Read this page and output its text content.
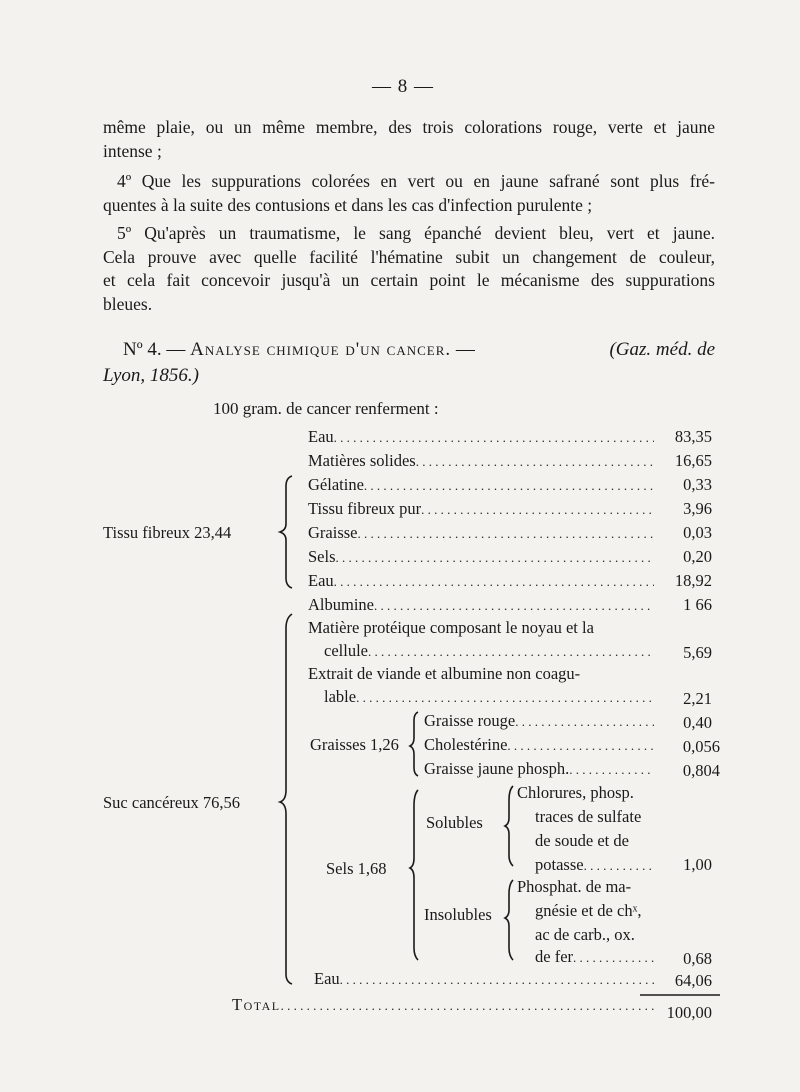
— 8 —
même plaie, ou un même membre, des trois colorations rouge, verte et jaune
intense ;
4º Que les suppurations colorées en vert ou en jaune safrané sont plus fré-
quentes à la suite des contusions et dans les cas d'infection purulente ;
5º Qu'après un traumatisme, le sang épanché devient bleu, vert et jaune.
Cela prouve avec quelle facilité l'hématine subit un changement de couleur,
et cela fait concevoir jusqu'à un certain point le mécanisme des suppurations
bleues.
Nº 4. — Analyse chimique d'un cancer. —	(Gaz. méd. de
Lyon, 1856.)
100 gram. de cancer renferment :
Eau . . .	83,35
Matières solides . . .	16,65
Tissu fibreux 23,44
Gélatine . . .	0,33
Tissu fibreux pur . . .	3,96
Graisse . . .	0,03
Sels . . .	0,20
Eau . . .	18,92
Suc cancéreux 76,56
Albumine . . .	1 66
Matière protéique composant le noyau et la
cellule . . .	5,69
Extrait de viande et albumine non coagu-
lable . . .	2,21
Graisses 1,26
Graisse rouge . . .	0,40
Cholestérine . . .	0,056
Graisse jaune phosph. . . .	0,804
Sels 1,68
Solubles
Chlorures, phosp.
traces de sulfate
de soude et de
potasse . . .	1,00
Insolubles
Phosphat. de ma-
gnésie et de chˣ,
ac de carb., ox.
de fer . . .	0,68
Eau . . .	64,06
Total . . .	100,00
